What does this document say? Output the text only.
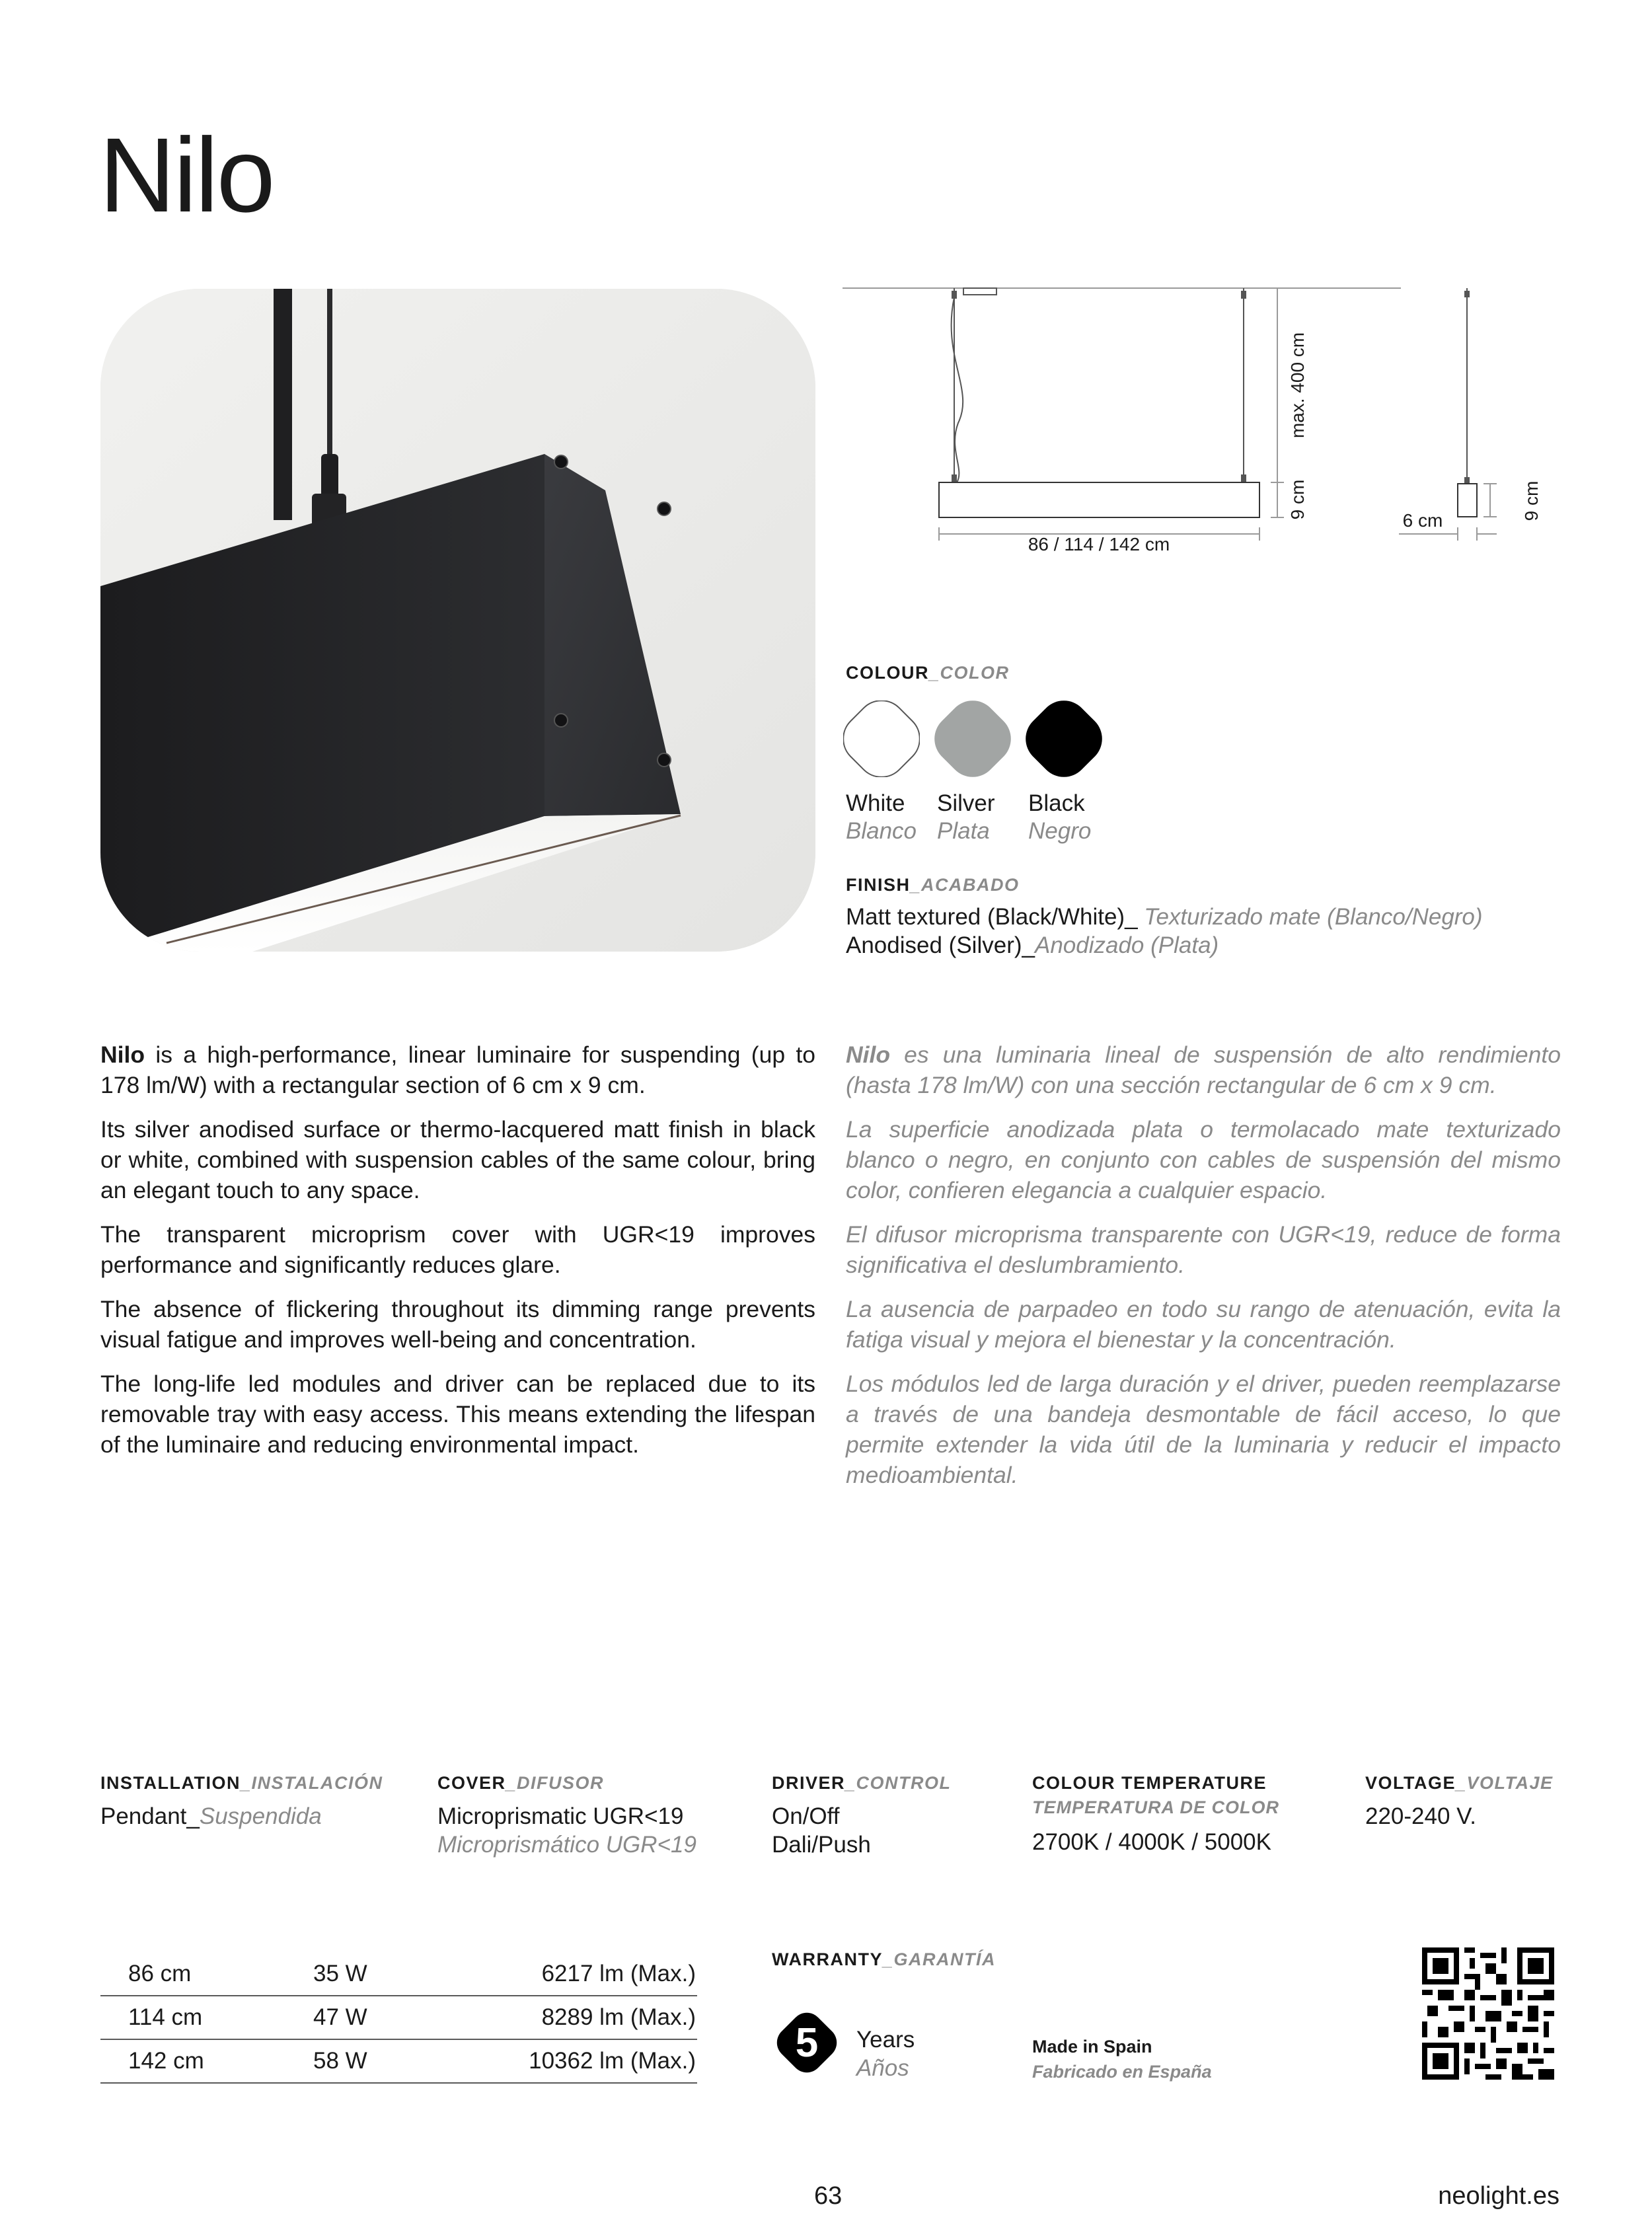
Nilo
86 / 114 / 142 cm
max. 400 cm
9 cm
6 cm	9 cm
COLOUR_COLOR
White
Blanco
Silver
Plata
Black
Negro
FINISH_ACABADO
Matt textured (Black/White)_ Texturizado mate (Blanco/Negro)
Anodised (Silver)_Anodizado (Plata)

Nilo is a high-performance, linear luminaire for suspending (up to 178 lm/W) with a rectangular section of 6 cm x 9 cm.

Its silver anodised surface or thermo-lacquered matt finish in black or white, combined with suspension cables of the same colour, bring an elegant touch to any space.

The transparent microprism cover with UGR<19 improves performance and significantly reduces glare.

The absence of flickering throughout its dimming range prevents visual fatigue and improves well-being and concentration.

The long-life led modules and driver can be replaced due to its removable tray with easy access. This means extending the lifespan of the luminaire and reducing environmental impact.

Nilo es una luminaria lineal de suspensión de alto rendimiento (hasta 178 lm/W) con una sección rectangular de 6 cm x 9 cm.

La superficie anodizada plata o termolacado mate texturizado blanco o negro, en conjunto con cables de suspensión del mismo color, confieren elegancia a cualquier espacio.

El difusor microprisma transparente con UGR<19, reduce de forma significativa el deslumbramiento.

La ausencia de parpadeo en todo su rango de atenuación, evita la fatiga visual y mejora el bienestar y la concentración.

Los módulos led de larga duración y el driver, pueden reemplazarse a través de una bandeja desmontable de fácil acceso, lo que permite extender la vida útil de la luminaria y reducir el impacto medioambiental.

INSTALLATION_INSTALACIÓN
Pendant_Suspendida
COVER_DIFUSOR
Microprismatic UGR<19
Microprismático UGR<19
DRIVER_CONTROL
On/Off
Dali/Push
COLOUR TEMPERATURE
TEMPERATURA DE COLOR
2700K / 4000K / 5000K
VOLTAGE_VOLTAJE
220-240 V.
86 cm	35 W	6217 lm (Max.)
114 cm	47 W	8289 lm (Max.)
142 cm	58 W	10362 lm (Max.)
WARRANTY_GARANTÍA
5 Years
Años
Made in Spain
Fabricado en España
63	neolight.es
